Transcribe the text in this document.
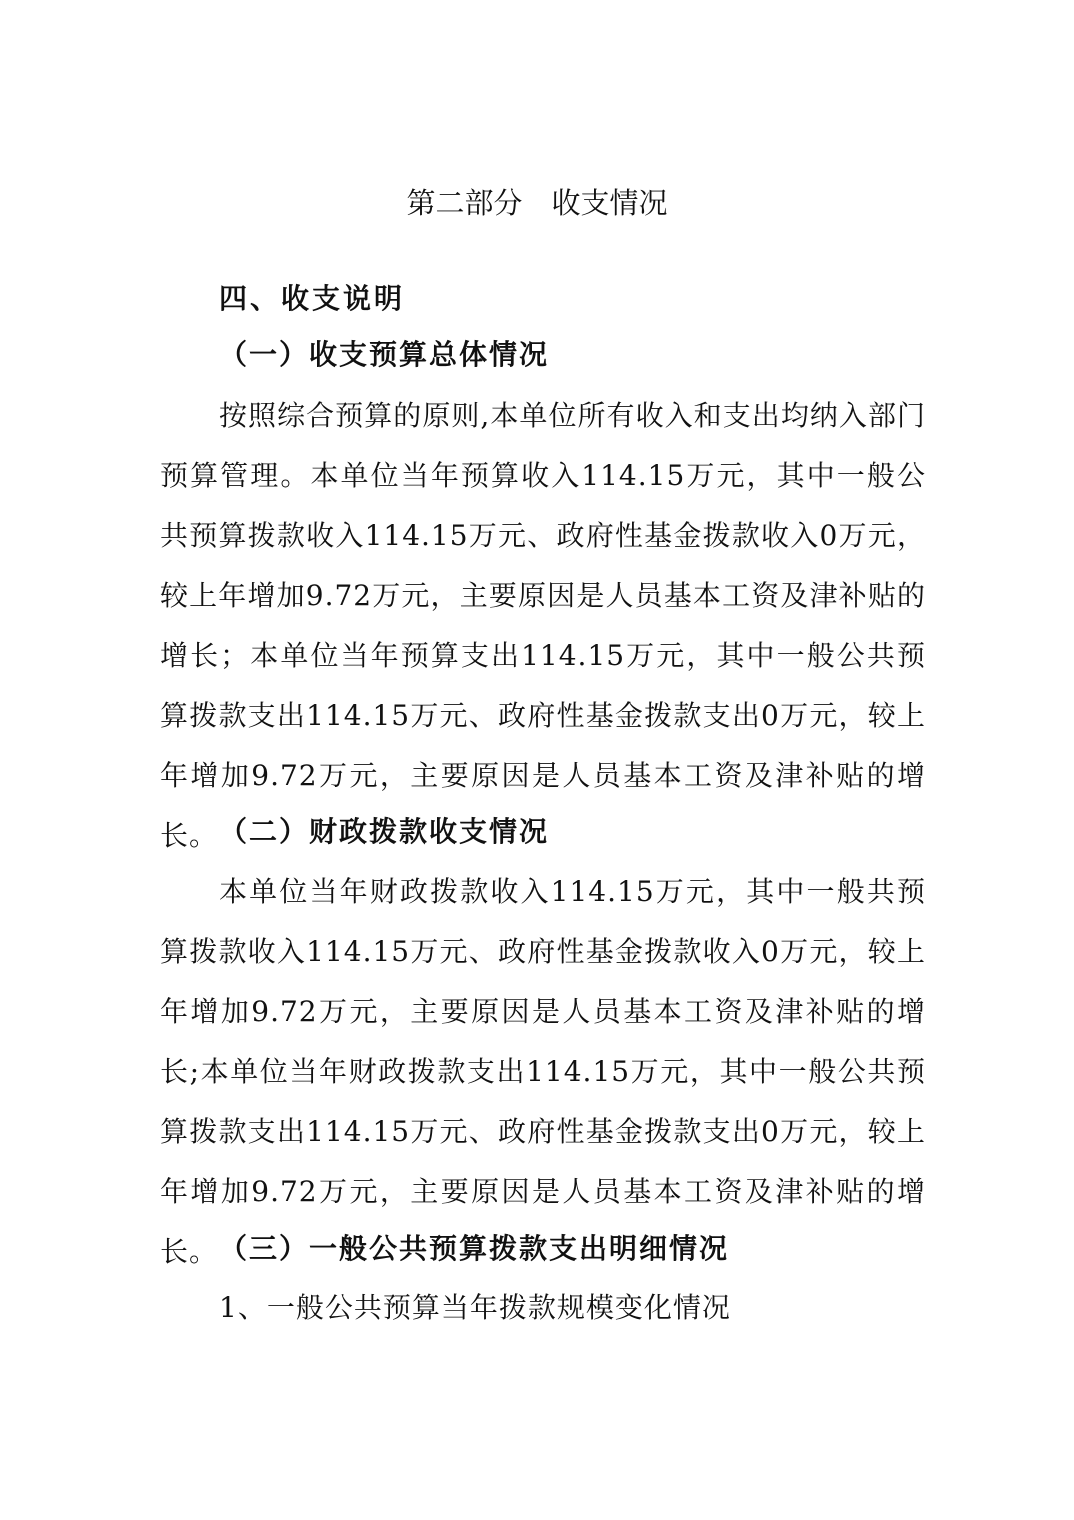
第二部分　收支情况
四、收支说明
（一）收支预算总体情况

按照综合预算的原则,本单位所有收入和支出均纳入部门预算管理。本单位当年预算收入114.15万元，其中一般公共预算拨款收入114.15万元、政府性基金拨款收入0万元，较上年增加9.72万元，主要原因是人员基本工资及津补贴的增长；本单位当年预算支出114.15万元，其中一般公共预算拨款支出114.15万元、政府性基金拨款支出0万元，较上年增加9.72万元，主要原因是人员基本工资及津补贴的增长。 （二）财政拨款收支情况

本单位当年财政拨款收入114.15万元，其中一般共预算拨款收入114.15万元、政府性基金拨款收入0万元，较上年增加9.72万元，主要原因是人员基本工资及津补贴的增长;本单位当年财政拨款支出114.15万元，其中一般公共预算拨款支出114.15万元、政府性基金拨款支出0万元，较上年增加9.72万元，主要原因是人员基本工资及津补贴的增长。 （三）一般公共预算拨款支出明细情况
1、一般公共预算当年拨款规模变化情况
